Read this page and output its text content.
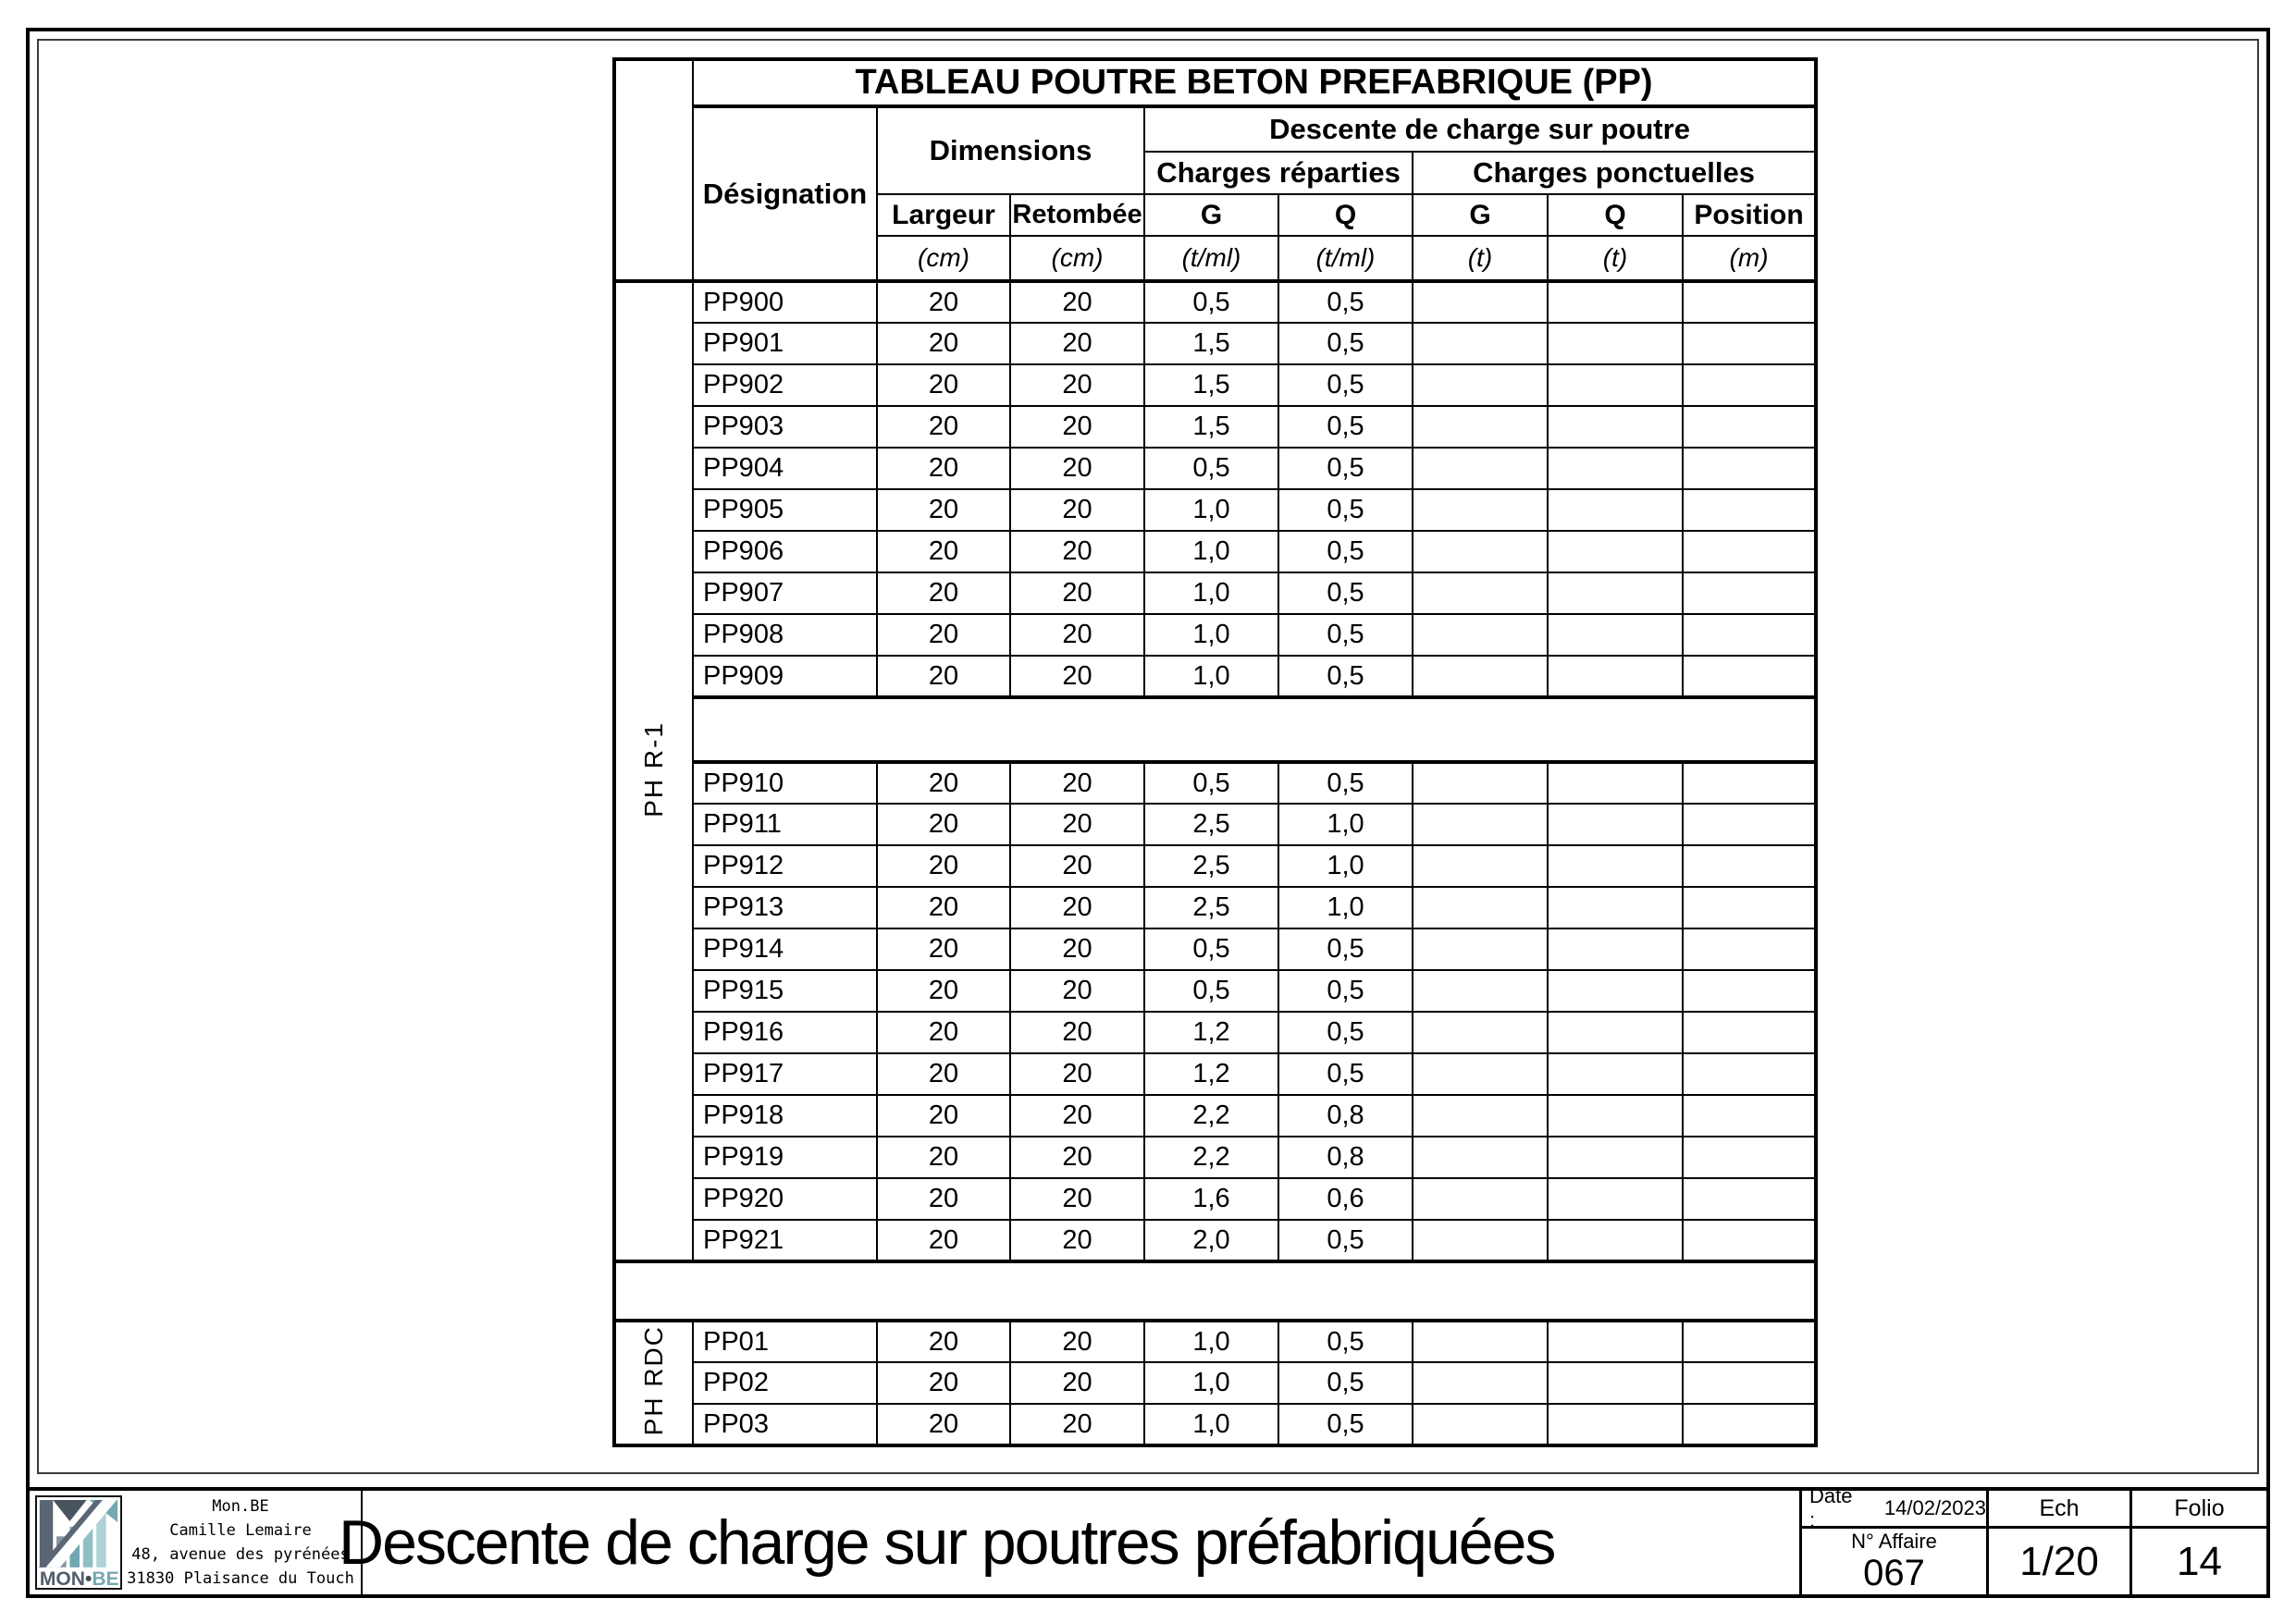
	TABLEAU POUTRE BETON PREFABRIQUE (PP)							
	Désignation	Dimensions		Descente de charge sur poutre				
				Charges réparties		Charges ponctuelles		
		Largeur	Retombée	G	Q	G	Q	Position
		(cm)	(cm)	(t/ml)	(t/ml)	(t)	(t)	(m)
PH R-1	PP900	20	20	0,5	0,5			
	PP901	20	20	1,5	0,5			
	PP902	20	20	1,5	0,5			
	PP903	20	20	1,5	0,5			
	PP904	20	20	0,5	0,5			
	PP905	20	20	1,0	0,5			
	PP906	20	20	1,0	0,5			
	PP907	20	20	1,0	0,5			
	PP908	20	20	1,0	0,5			
	PP909	20	20	1,0	0,5			

	PP910	20	20	0,5	0,5			
	PP911	20	20	2,5	1,0			
	PP912	20	20	2,5	1,0			
	PP913	20	20	2,5	1,0			
	PP914	20	20	0,5	0,5			
	PP915	20	20	0,5	0,5			
	PP916	20	20	1,2	0,5			
	PP917	20	20	1,2	0,5			
	PP918	20	20	2,2	0,8			
	PP919	20	20	2,2	0,8			
	PP920	20	20	1,6	0,6			
	PP921	20	20	2,0	0,5			

PH RDC	PP01	20	20	1,0	0,5			
	PP02	20	20	1,0	0,5			
	PP03	20	20	1,0	0,5			
MON•BE
Mon.BE
Camille Lemaire
48, avenue des pyrénées
31830 Plaisance du Touch
Descente de charge sur poutres préfabriquées
Date :
14/02/2023	Ech	Folio
N° Affaire
067	1/20	14
